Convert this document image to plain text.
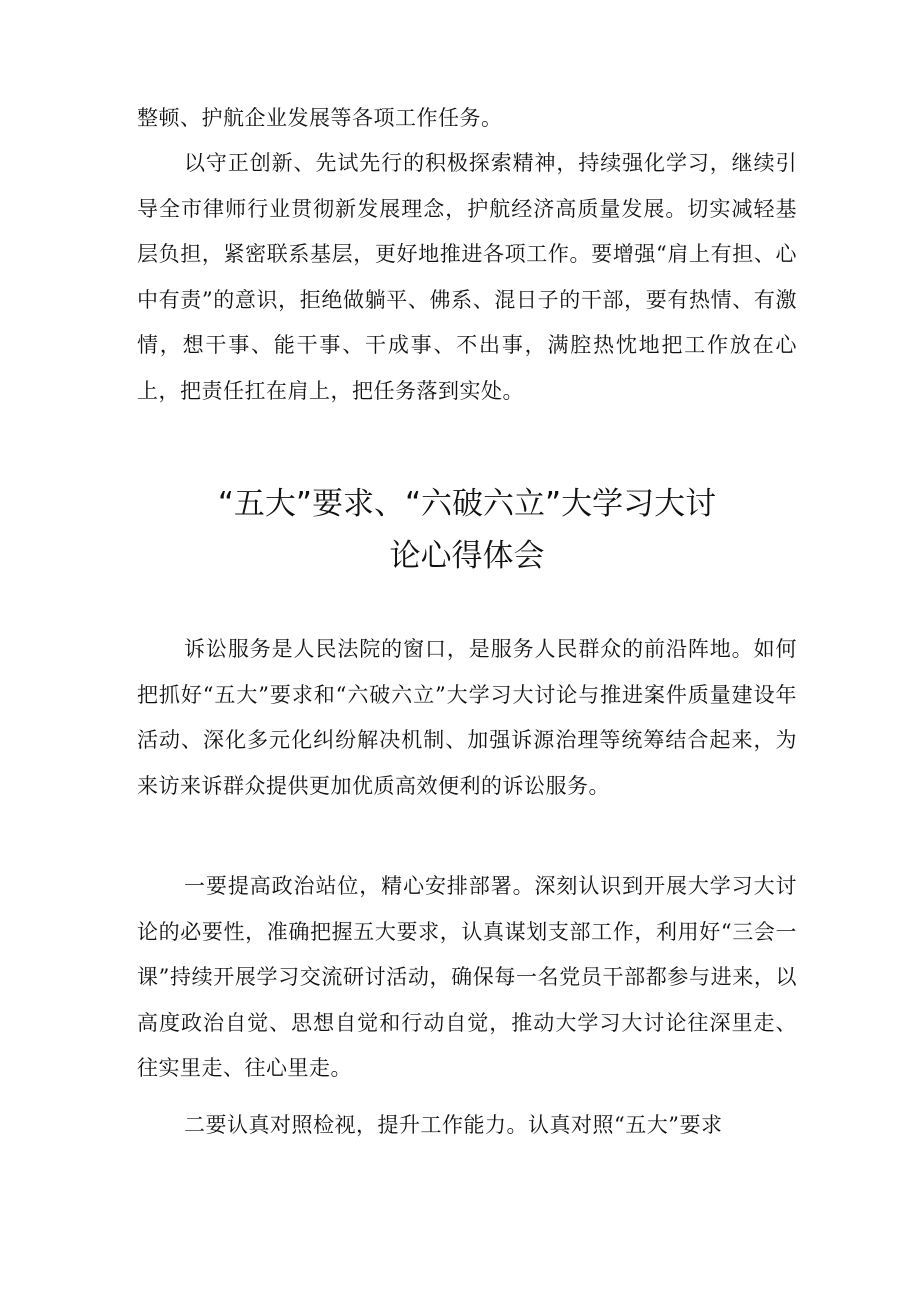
整顿、护航企业发展等各项工作任务。

以守正创新、先试先行的积极探索精神，持续强化学习，继续引导全市律师行业贯彻新发展理念，护航经济高质量发展。切实减轻基层负担，紧密联系基层，更好地推进各项工作。要增强“肩上有担、心中有责”的意识，拒绝做躺平、佛系、混日子的干部，要有热情、有激情，想干事、能干事、干成事、不出事，满腔热忱地把工作放在心上，把责任扛在肩上，把任务落到实处。

“五大”要求、“六破六立”大学习大讨
论心得体会

诉讼服务是人民法院的窗口，是服务人民群众的前沿阵地。如何把抓好“五大”要求和“六破六立”大学习大讨论与推进案件质量建设年活动、深化多元化纠纷解决机制、加强诉源治理等统筹结合起来，为来访来诉群众提供更加优质高效便利的诉讼服务。

一要提高政治站位，精心安排部署。深刻认识到开展大学习大讨论的必要性，准确把握五大要求，认真谋划支部工作，利用好“三会一课”持续开展学习交流研讨活动，确保每一名党员干部都参与进来，以高度政治自觉、思想自觉和行动自觉，推动大学习大讨论往深里走、往实里走、往心里走。

二要认真对照检视，提升工作能力。认真对照“五大”要求
